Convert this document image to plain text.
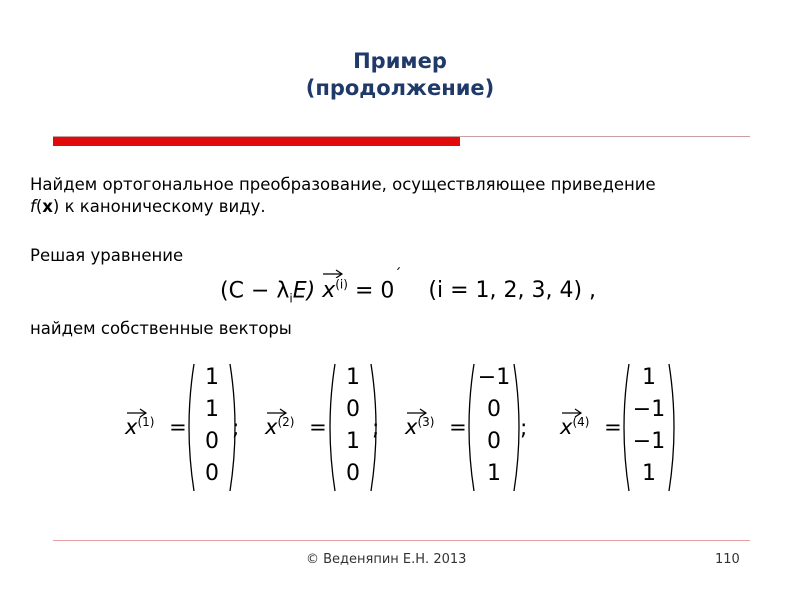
Пример
(продолжение)
Найдем ортогональное преобразование, осуществляющее приведение
f(x) к каноническому виду.
Решая уравнение
$(C - \lambda_iE)$ $x^{(i)} = 0^´$ (i = 1, 2, 3, 4) ,
найдем собственные векторы
$x^{(1)}$ =
1
1
0
0
; $x^{(2)}$ =
1
0
1
0
; $x^{(3)}$ =
−1
0
0
1
; $x^{(4)}$ =
1
−1
−1
1
© Веденяпин Е.Н. 2013	110
